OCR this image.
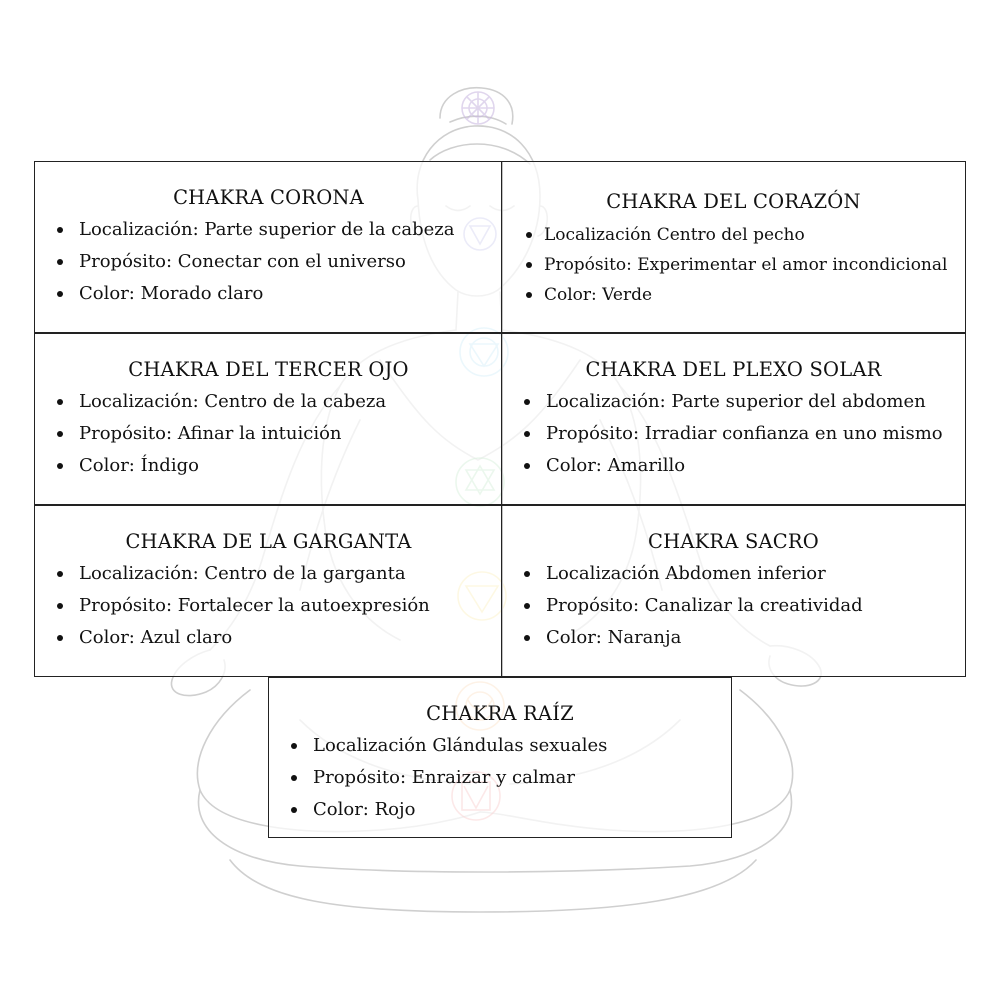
CHAKRA CORONA
Localización: Parte superior de la cabeza
Propósito: Conectar con el universo
Color: Morado claro
CHAKRA DEL CORAZÓN
Localización Centro del pecho
Propósito: Experimentar el amor incondicional
Color: Verde
CHAKRA DEL TERCER OJO
Localización: Centro de la cabeza
Propósito: Afinar la intuición
Color: Índigo
CHAKRA DEL PLEXO SOLAR
Localización: Parte superior del abdomen
Propósito: Irradiar confianza en uno mismo
Color: Amarillo
CHAKRA DE LA GARGANTA
Localización: Centro de la garganta
Propósito: Fortalecer la autoexpresión
Color: Azul claro
CHAKRA SACRO
Localización Abdomen inferior
Propósito: Canalizar la creatividad
Color: Naranja
CHAKRA RAÍZ
Localización Glándulas sexuales
Propósito: Enraizar y calmar
Color: Rojo
